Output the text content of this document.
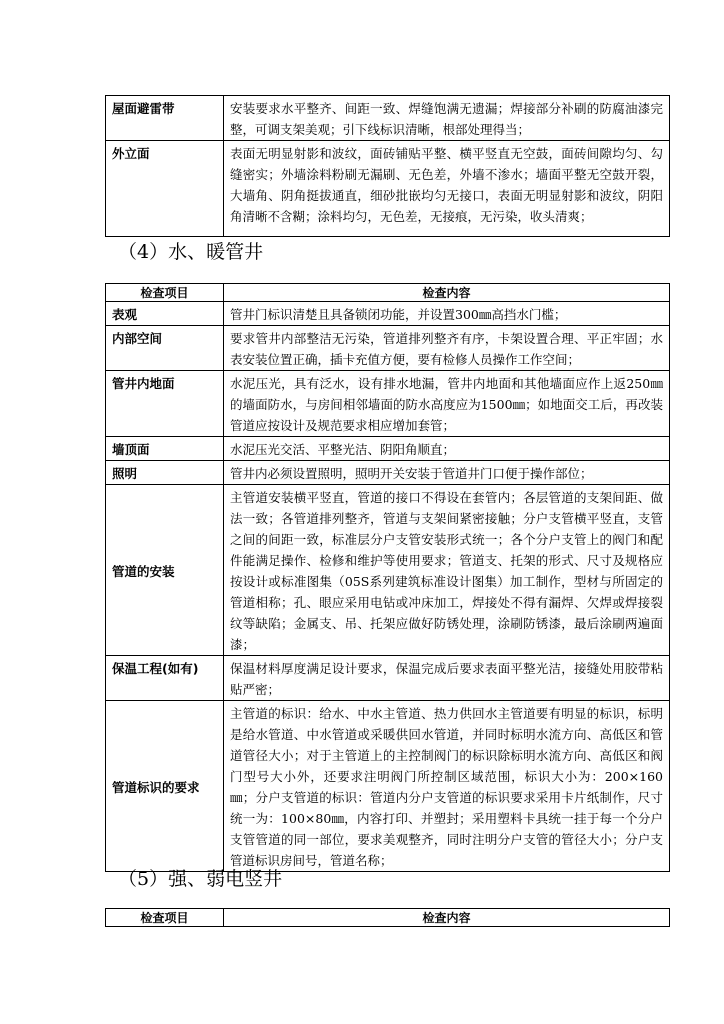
屋面避雷带	安装要求水平整齐、间距一致、焊缝饱满无遗漏；焊接部分补刷的防腐油漆完整，可调支架美观；引下线标识清晰，根部处理得当；
外立面	表面无明显射影和波纹，面砖铺贴平整、横平竖直无空鼓，面砖间隙均匀、勾缝密实；外墙涂料粉刷无漏刷、无色差，外墙不渗水；墙面平整无空鼓开裂，大墙角、阴角挺拔通直，细砂批嵌均匀无接口，表面无明显射影和波纹，阴阳角清晰不含糊；涂料均匀，无色差，无接痕，无污染，收头清爽；
（4）水、暖管井
检查项目	检查内容
表观	管井门标识清楚且具备锁闭功能，并设置300㎜高挡水门槛；
内部空间	要求管井内部整洁无污染，管道排列整齐有序，卡架设置合理、平正牢固；水表安装位置正确，插卡充值方便，要有检修人员操作工作空间；
管井内地面	水泥压光，具有泛水，设有排水地漏，管井内地面和其他墙面应作上返250㎜的墙面防水，与房间相邻墙面的防水高度应为1500㎜；如地面交工后，再改装管道应按设计及规范要求相应增加套管；
墙顶面	水泥压光交活、平整光洁、阴阳角顺直；
照明	管井内必须设置照明，照明开关安装于管道井门口便于操作部位；
管道的安装	主管道安装横平竖直，管道的接口不得设在套管内；各层管道的支架间距、做法一致；各管道排列整齐，管道与支架间紧密接触；分户支管横平竖直，支管之间的间距一致，标准层分户支管安装形式统一；各个分户支管上的阀门和配件能满足操作、检修和维护等使用要求；管道支、托架的形式、尺寸及规格应按设计或标准图集（05S系列建筑标准设计图集）加工制作，型材与所固定的管道相称；孔、眼应采用电钻或冲床加工，焊接处不得有漏焊、欠焊或焊接裂纹等缺陷；金属支、吊、托架应做好防锈处理，涂刷防锈漆，最后涂刷两遍面漆；
保温工程(如有)	保温材料厚度满足设计要求，保温完成后要求表面平整光洁，接缝处用胶带粘贴严密；
管道标识的要求	主管道的标识：给水、中水主管道、热力供回水主管道要有明显的标识，标明是给水管道、中水管道或采暖供回水管道，并同时标明水流方向、高低区和管道管径大小；对于主管道上的主控制阀门的标识除标明水流方向、高低区和阀门型号大小外，还要求注明阀门所控制区域范围，标识大小为：200×160㎜；分户支管道的标识：管道内分户支管道的标识要求采用卡片纸制作，尺寸统一为：100×80㎜，内容打印、并塑封；采用塑料卡具统一挂于每一个分户支管管道的同一部位，要求美观整齐，同时注明分户支管的管径大小；分户支管道标识房间号，管道名称；
（5）强、弱电竖井
检查项目	检查内容
